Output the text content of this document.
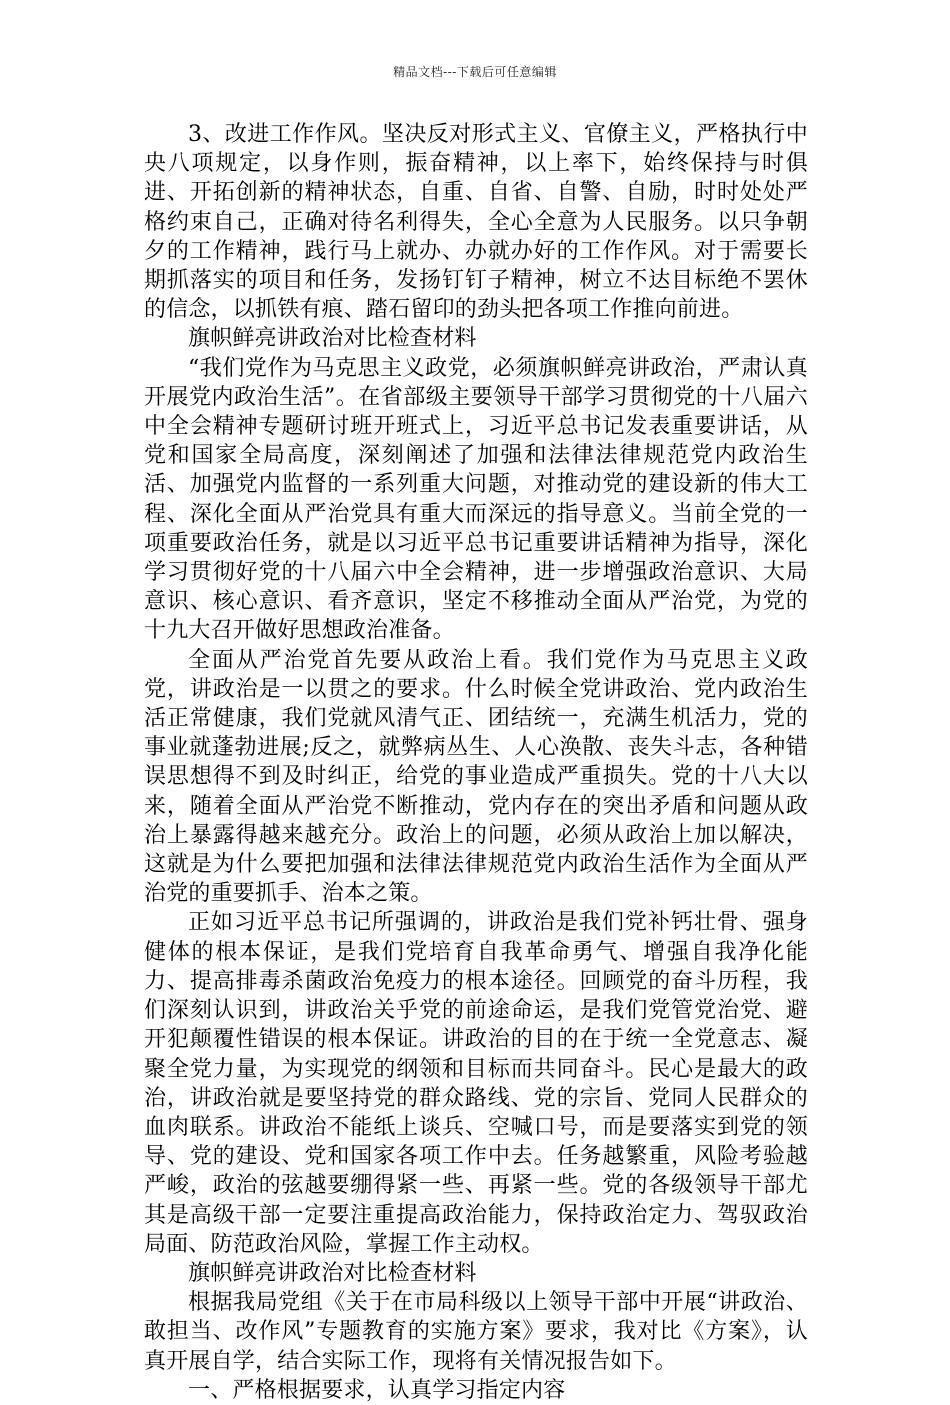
精品文档---下载后可任意编辑

3、改进工作作风。坚决反对形式主义、官僚主义，严格执行中央八项规定，以身作则，振奋精神，以上率下，始终保持与时俱进、开拓创新的精神状态，自重、自省、自警、自励，时时处处严格约束自己，正确对待名利得失，全心全意为人民服务。以只争朝夕的工作精神，践行马上就办、办就办好的工作作风。对于需要长期抓落实的项目和任务，发扬钉钉子精神，树立不达目标绝不罢休的信念，以抓铁有痕、踏石留印的劲头把各项工作推向前进。

旗帜鲜亮讲政治对比检查材料

“我们党作为马克思主义政党，必须旗帜鲜亮讲政治，严肃认真开展党内政治生活”。在省部级主要领导干部学习贯彻党的十八届六中全会精神专题研讨班开班式上，习近平总书记发表重要讲话，从党和国家全局高度，深刻阐述了加强和法律法律规范党内政治生活、加强党内监督的一系列重大问题，对推动党的建设新的伟大工程、深化全面从严治党具有重大而深远的指导意义。当前全党的一项重要政治任务，就是以习近平总书记重要讲话精神为指导，深化学习贯彻好党的十八届六中全会精神，进一步增强政治意识、大局意识、核心意识、看齐意识，坚定不移推动全面从严治党，为党的十九大召开做好思想政治准备。

全面从严治党首先要从政治上看。我们党作为马克思主义政党，讲政治是一以贯之的要求。什么时候全党讲政治、党内政治生活正常健康，我们党就风清气正、团结统一，充满生机活力，党的事业就蓬勃进展;反之，就弊病丛生、人心涣散、丧失斗志，各种错误思想得不到及时纠正，给党的事业造成严重损失。党的十八大以来，随着全面从严治党不断推动，党内存在的突出矛盾和问题从政治上暴露得越来越充分。政治上的问题，必须从政治上加以解决，这就是为什么要把加强和法律法律规范党内政治生活作为全面从严治党的重要抓手、治本之策。

正如习近平总书记所强调的，讲政治是我们党补钙壮骨、强身健体的根本保证，是我们党培育自我革命勇气、增强自我净化能力、提高排毒杀菌政治免疫力的根本途径。回顾党的奋斗历程，我们深刻认识到，讲政治关乎党的前途命运，是我们党管党治党、避开犯颠覆性错误的根本保证。讲政治的目的在于统一全党意志、凝聚全党力量，为实现党的纲领和目标而共同奋斗。民心是最大的政治，讲政治就是要坚持党的群众路线、党的宗旨、党同人民群众的血肉联系。讲政治不能纸上谈兵、空喊口号，而是要落实到党的领导、党的建设、党和国家各项工作中去。任务越繁重，风险考验越严峻，政治的弦越要绷得紧一些、再紧一些。党的各级领导干部尤其是高级干部一定要注重提高政治能力，保持政治定力、驾驭政治局面、防范政治风险，掌握工作主动权。

旗帜鲜亮讲政治对比检查材料

根据我局党组《关于在市局科级以上领导干部中开展“讲政治、敢担当、改作风”专题教育的实施方案》要求，我对比《方案》，认真开展自学，结合实际工作，现将有关情况报告如下。

一、严格根据要求，认真学习指定内容
